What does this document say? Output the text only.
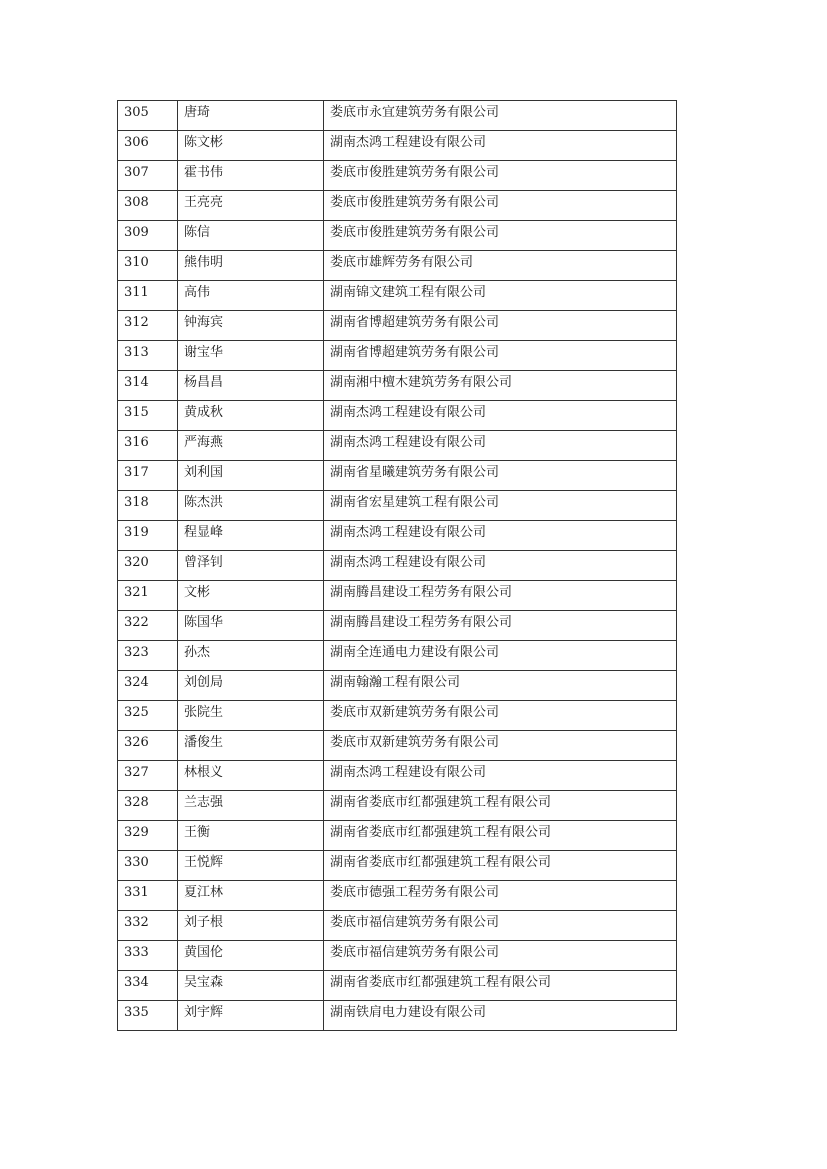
305	唐琦	娄底市永宜建筑劳务有限公司
306	陈文彬	湖南杰鸿工程建设有限公司
307	霍书伟	娄底市俊胜建筑劳务有限公司
308	王亮亮	娄底市俊胜建筑劳务有限公司
309	陈信	娄底市俊胜建筑劳务有限公司
310	熊伟明	娄底市雄辉劳务有限公司
311	高伟	湖南锦文建筑工程有限公司
312	钟海宾	湖南省博超建筑劳务有限公司
313	谢宝华	湖南省博超建筑劳务有限公司
314	杨昌昌	湖南湘中檀木建筑劳务有限公司
315	黄成秋	湖南杰鸿工程建设有限公司
316	严海燕	湖南杰鸿工程建设有限公司
317	刘利国	湖南省星曦建筑劳务有限公司
318	陈杰洪	湖南省宏星建筑工程有限公司
319	程显峰	湖南杰鸿工程建设有限公司
320	曾泽钊	湖南杰鸿工程建设有限公司
321	文彬	湖南腾昌建设工程劳务有限公司
322	陈国华	湖南腾昌建设工程劳务有限公司
323	孙杰	湖南全连通电力建设有限公司
324	刘创局	湖南翰瀚工程有限公司
325	张院生	娄底市双新建筑劳务有限公司
326	潘俊生	娄底市双新建筑劳务有限公司
327	林根义	湖南杰鸿工程建设有限公司
328	兰志强	湖南省娄底市红都强建筑工程有限公司
329	王衡	湖南省娄底市红都强建筑工程有限公司
330	王悦辉	湖南省娄底市红都强建筑工程有限公司
331	夏江林	娄底市德强工程劳务有限公司
332	刘子根	娄底市福信建筑劳务有限公司
333	黄国伦	娄底市福信建筑劳务有限公司
334	吴宝森	湖南省娄底市红都强建筑工程有限公司
335	刘宇辉	湖南铁肩电力建设有限公司
